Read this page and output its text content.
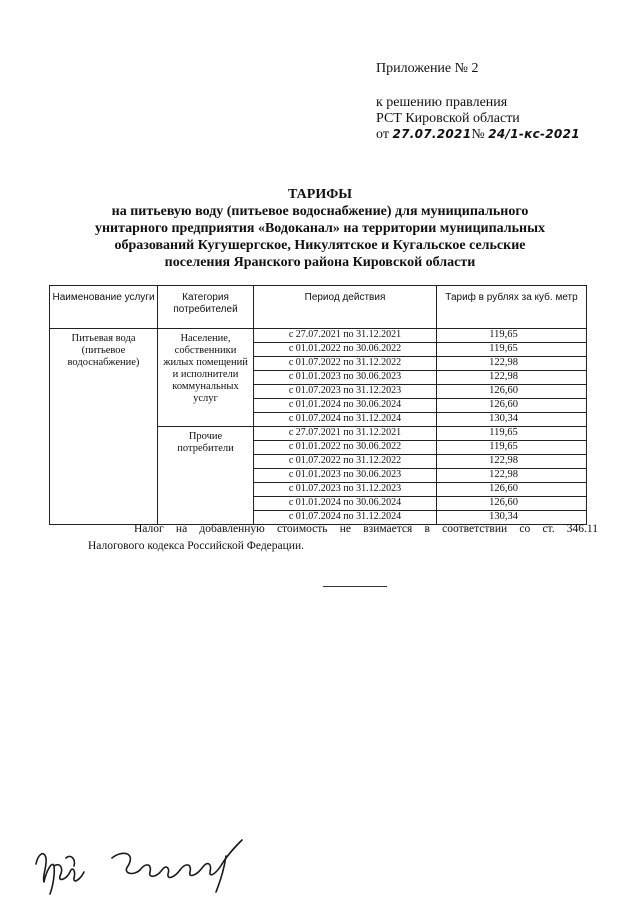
Приложение № 2
к решению правления
РСТ Кировской области
от 27.07.2021№ 24/1-кс-2021
ТАРИФЫ
на питьевую воду (питьевое водоснабжение) для муниципального
унитарного предприятия «Водоканал» на территории муниципальных
образований Кугушергское, Никулятское и Кугальское сельские
поселения Яранского района Кировской области
Наименование услуги	Категория потребителей	Период действия	Тариф в рублях за куб. метр
Питьевая вода (питьевое водоснабжение)	Население, собственники жилых помещений и исполнители коммунальных услуг	с 27.07.2021 по 31.12.2021	119,65
		с 01.01.2022 по 30.06.2022	119,65
		с 01.07.2022 по 31.12.2022	122,98
		с 01.01.2023 по 30.06.2023	122,98
		с 01.07.2023 по 31.12.2023	126,60
		с 01.01.2024 по 30.06.2024	126,60
		с 01.07.2024 по 31.12.2024	130,34
	Прочие потребители	с 27.07.2021 по 31.12.2021	119,65
		с 01.01.2022 по 30.06.2022	119,65
		с 01.07.2022 по 31.12.2022	122,98
		с 01.01.2023 по 30.06.2023	122,98
		с 01.07.2023 по 31.12.2023	126,60
		с 01.01.2024 по 30.06.2024	126,60
		с 01.07.2024 по 31.12.2024	130,34
Налог на добавленную стоимость не взимается в соответствии со ст. 346.11
Налогового кодекса Российской Федерации.
